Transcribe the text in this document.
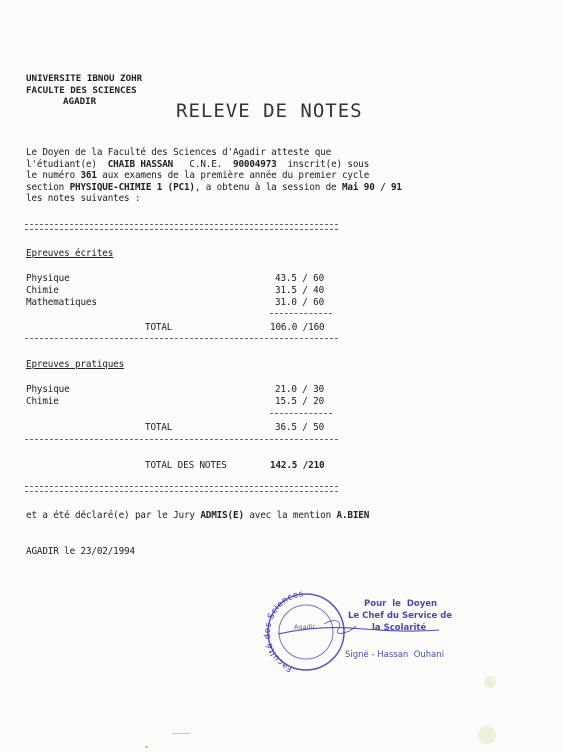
UNIVERSITE IBNOU ZOHR
FACULTE DES SCIENCES
AGADIR	RELEVE DE NOTES
Le Doyen de la Faculté des Sciences d'Agadir atteste que
l'étudiant(e)  CHAIB HASSAN   C.N.E.  90004973  inscrit(e) sous
le numéro 361 aux examens de la première année du premier cycle
section PHYSIQUE-CHIMIE 1 (PC1), a obtenu à la session de Mai 90 / 91
les notes suivantes :
Epreuves écrites
Physique	43.5 / 60
Chimie	31.5 / 40
Mathematiques	31.0 / 60
TOTAL	106.0 /160
Epreuves pratiques
Physique	21.0 / 30
Chimie	15.5 / 20
TOTAL	36.5 / 50
TOTAL DES NOTES	142.5 /210
et a été déclaré(e) par le Jury ADMIS(E) avec la mention A.BIEN
AGADIR le 23/02/1994
Faculté des Sciences
Agadir
Pour  le  Doyen
Le Chef du Service de
la Scolarité
Signé - Hassan  Ouhani
